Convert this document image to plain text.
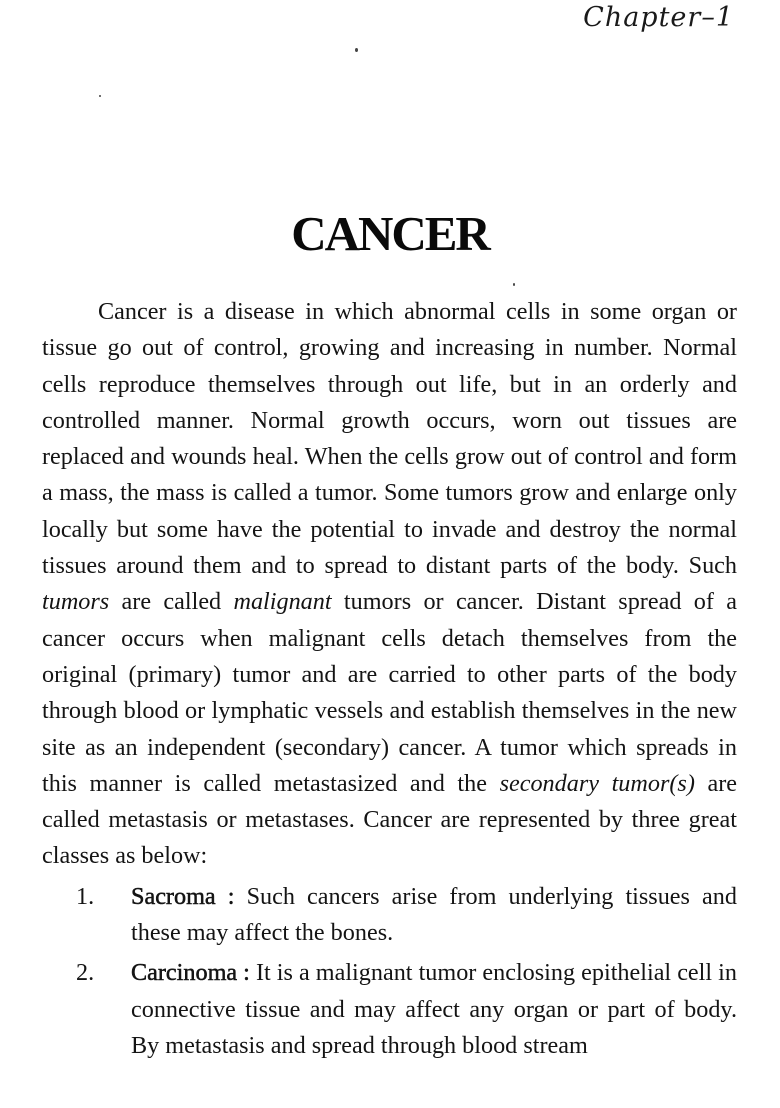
Chapter–1
CANCER

Cancer is a disease in which abnormal cells in some organ or tissue go out of control, growing and increasing in number. Normal cells reproduce themselves through out life, but in an orderly and controlled manner. Normal growth occurs, worn out tissues are replaced and wounds heal. When the cells grow out of control and form a mass, the mass is called a tumor. Some tumors grow and enlarge only locally but some have the potential to invade and destroy the normal tissues around them and to spread to distant parts of the body. Such tumors are called malignant tumors or cancer. Distant spread of a cancer occurs when malignant cells detach themselves from the original (primary) tumor and are carried to other parts of the body through blood or lymphatic vessels and establish themselves in the new site as an independent (secondary) cancer. A tumor which spreads in this manner is called metastasized and the secondary tumor(s) are called metastasis or metastases. Cancer are represented by three great classes as below:

1.	Sacroma : Such cancers arise from underlying tissues and these may affect the bones.
2.	Carcinoma : It is a malignant tumor enclosing epithelial cell in connective tissue and may affect any organ or part of body. By metastasis and spread through blood stream
